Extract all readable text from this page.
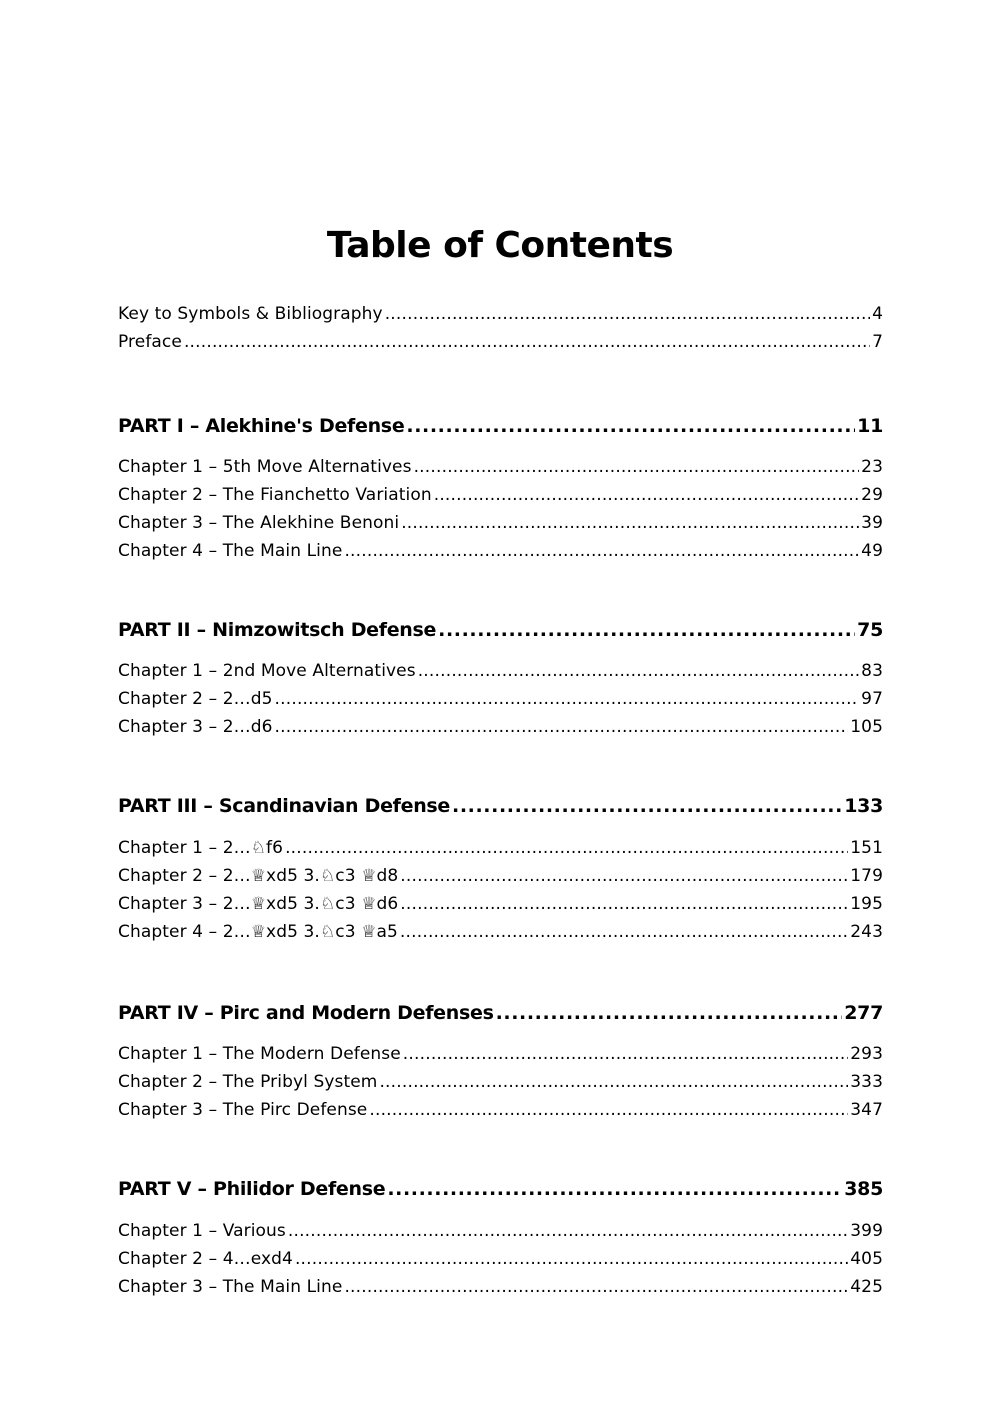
Table of Contents
Key to Symbols & Bibliography .....	4
Preface .....	7
PART I – Alekhine's Defense .....	11
Chapter 1 – 5th Move Alternatives .....	23
Chapter 2 – The Fianchetto Variation .....	29
Chapter 3 – The Alekhine Benoni .....	39
Chapter 4 – The Main Line .....	49
PART II – Nimzowitsch Defense .....	75
Chapter 1 – 2nd Move Alternatives .....	83
Chapter 2 – 2…d5 .....	97
Chapter 3 – 2…d6 .....	105
PART III – Scandinavian Defense .....	133
Chapter 1 – 2…♘f6 .....	151
Chapter 2 – 2…♕xd5 3.♘c3 ♕d8 .....	179
Chapter 3 – 2…♕xd5 3.♘c3 ♕d6 .....	195
Chapter 4 – 2…♕xd5 3.♘c3 ♕a5 .....	243
PART IV – Pirc and Modern Defenses .....	277
Chapter 1 – The Modern Defense .....	293
Chapter 2 – The Pribyl System .....	333
Chapter 3 – The Pirc Defense .....	347
PART V – Philidor Defense .....	385
Chapter 1 – Various .....	399
Chapter 2 – 4…exd4 .....	405
Chapter 3 – The Main Line .....	425
